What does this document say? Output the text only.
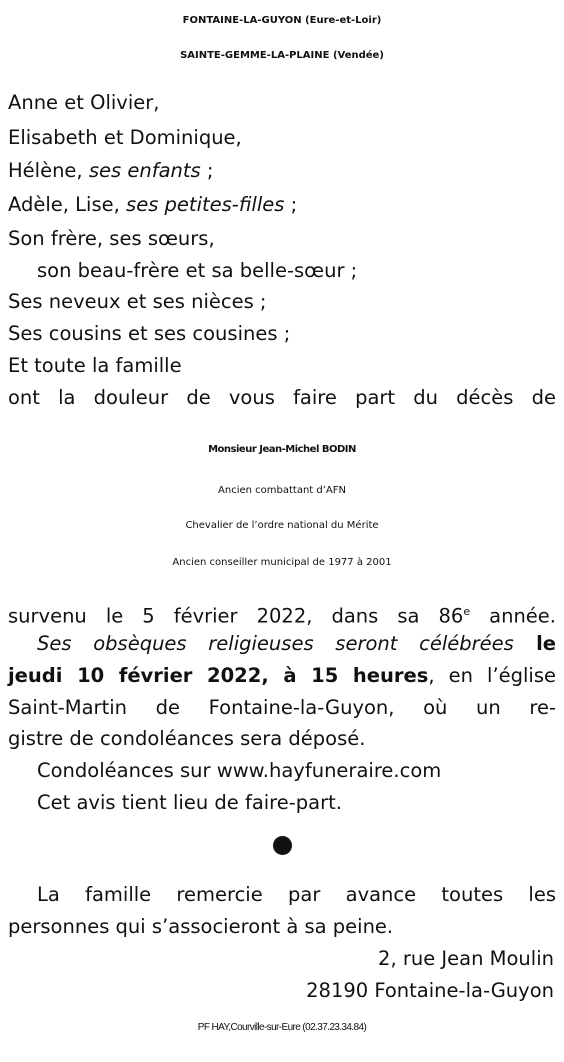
FONTAINE-LA-GUYON (Eure-et-Loir)
SAINTE-GEMME-LA-PLAINE (Vendée)
Anne et Olivier,
Elisabeth et Dominique,
Hélène, ses enfants ;
Adèle, Lise, ses petites-filles ;
Son frère, ses sœurs,
son beau-frère et sa belle-sœur ;
Ses neveux et ses nièces ;
Ses cousins et ses cousines ;
Et toute la famille
ont la douleur de vous faire part du décès de
Monsieur Jean-Michel BODIN
Ancien combattant d’AFN
Chevalier de l’ordre national du Mérite
Ancien conseiller municipal de 1977 à 2001
survenu le 5 février 2022, dans sa 86e année.
Ses obsèques religieuses seront célébrées le
jeudi 10 février 2022, à 15 heures, en l’église
Saint-Martin de Fontaine-la-Guyon, où un re-
gistre de condoléances sera déposé.
Condoléances sur www.hayfuneraire.com
Cet avis tient lieu de faire-part.
La famille remercie par avance toutes les
personnes qui s’associeront à sa peine.
2, rue Jean Moulin
28190 Fontaine-la-Guyon
PF HAY,Courville-sur-Eure (02.37.23.34.84)
